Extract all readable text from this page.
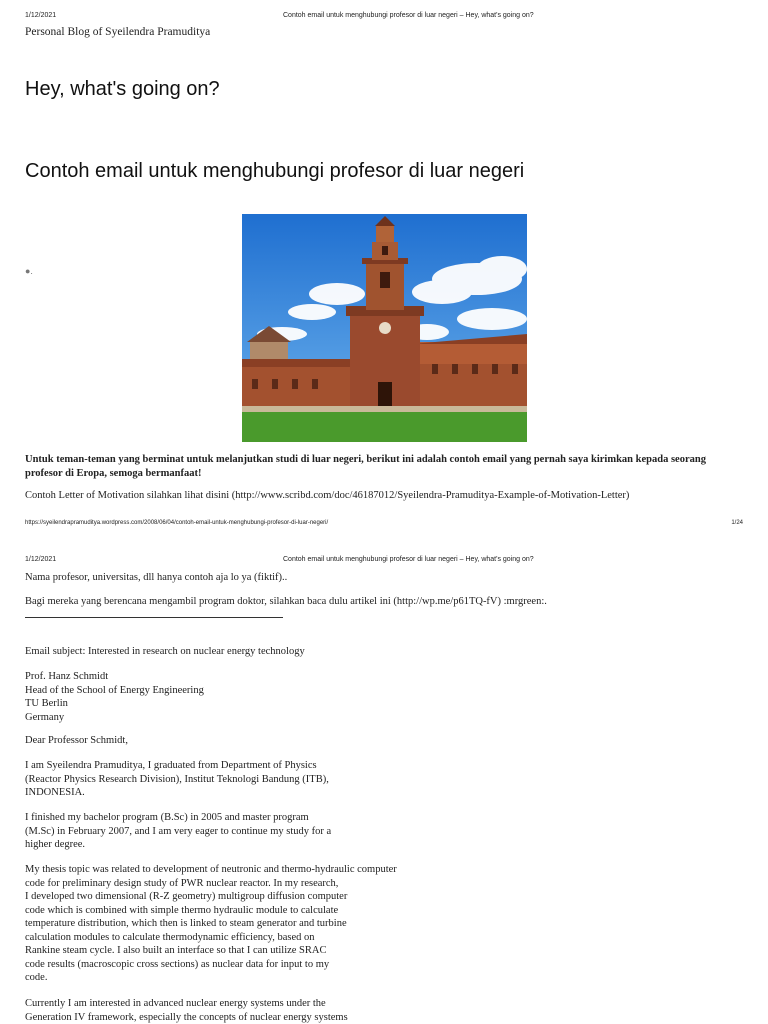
1/12/2021	Contoh email untuk menghubungi profesor di luar negeri – Hey, what's going on?
Personal Blog of Syeilendra Pramuditya
Hey, what's going on?
Contoh email untuk menghubungi profesor di luar negeri
●.
Untuk teman-teman yang berminat untuk melanjutkan studi di luar negeri, berikut ini adalah contoh email yang pernah saya kirimkan kepada seorang profesor di Eropa, semoga bermanfaat!
Contoh Letter of Motivation silahkan lihat disini (http://www.scribd.com/doc/46187012/Syeilendra-Pramuditya-Example-of-Motivation-Letter)
https://syeilendrapramuditya.wordpress.com/2008/06/04/contoh-email-untuk-menghubungi-profesor-di-luar-negeri/	1/24
1/12/2021	Contoh email untuk menghubungi profesor di luar negeri – Hey, what's going on?
Nama profesor, universitas, dll hanya contoh aja lo ya (fiktif)..
Bagi mereka yang berencana mengambil program doktor, silahkan baca dulu artikel ini (http://wp.me/p61TQ-fV) :mrgreen:.
Email subject: Interested in research on nuclear energy technology
Prof. Hanz Schmidt
Head of the School of Energy Engineering
TU Berlin
Germany
Dear Professor Schmidt,
I am Syeilendra Pramuditya, I graduated from Department of Physics
(Reactor Physics Research Division), Institut Teknologi Bandung (ITB),
INDONESIA.
I finished my bachelor program (B.Sc) in 2005 and master program
(M.Sc) in February 2007, and I am very eager to continue my study for a
higher degree.
My thesis topic was related to development of neutronic and thermo-hydraulic computer
code for preliminary design study of PWR nuclear reactor. In my research,
I developed two dimensional (R-Z geometry) multigroup diffusion computer
code which is combined with simple thermo hydraulic module to calculate
temperature distribution, which then is linked to steam generator and turbine
calculation modules to calculate thermodynamic efficiency, based on
Rankine steam cycle. I also built an interface so that I can utilize SRAC
code results (macroscopic cross sections) as nuclear data for input to my
code.
Currently I am interested in advanced nuclear energy systems under the
Generation IV framework, especially the concepts of nuclear energy systems
